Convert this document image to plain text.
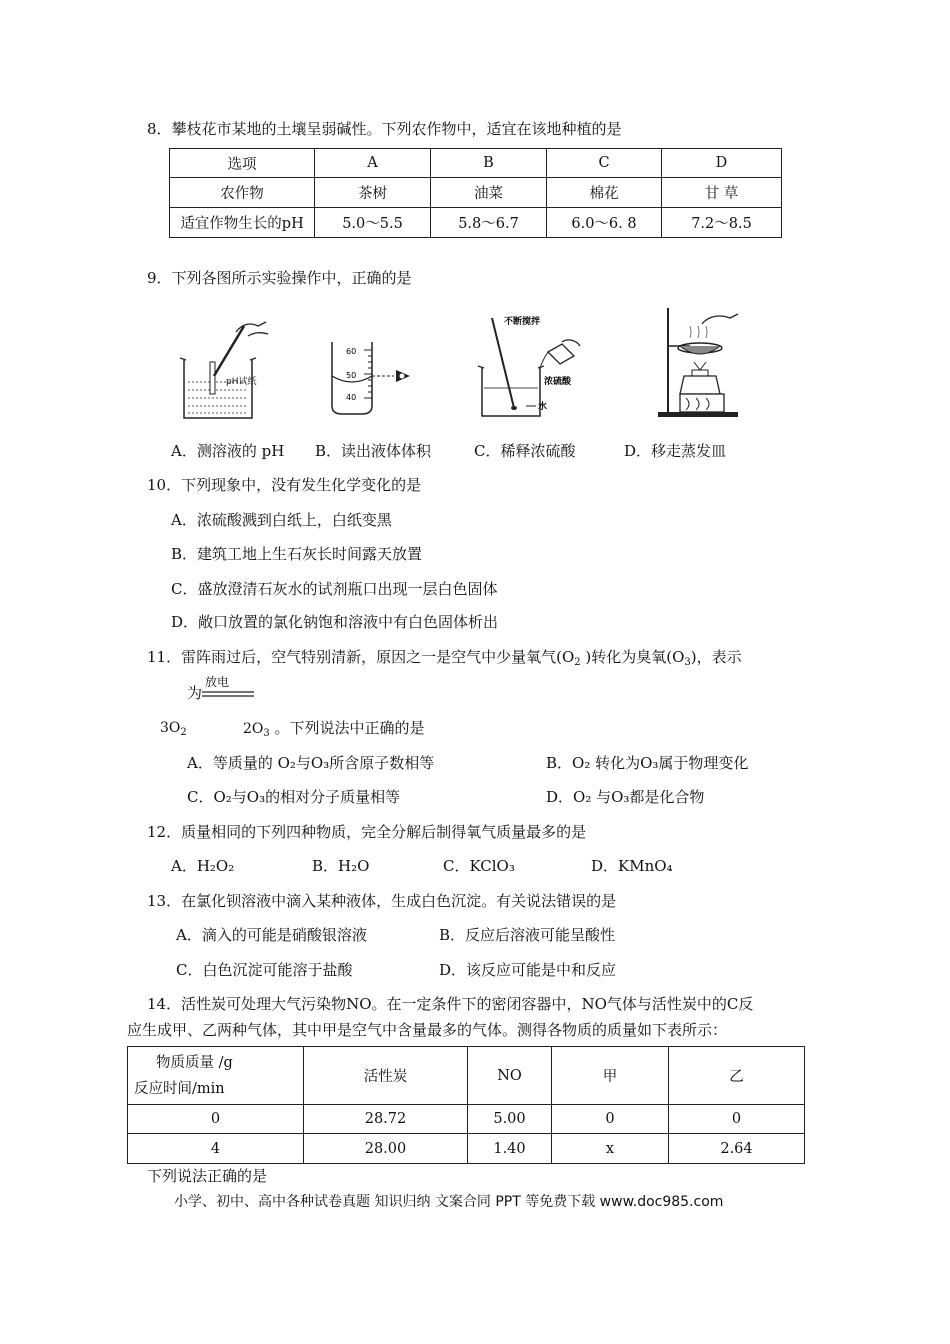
8．攀枝花市某地的土壤呈弱碱性。下列农作物中，适宜在该地种植的是
选项	A	B	C	D
农作物	茶树	油菜	棉花	甘 草
适宜作物生长的pH	5.0～5.5	5.8～6.7	6.0～6. 8	7.2～8.5
9．下列各图所示实验操作中，正确的是
pH试纸
60
50
40
不断搅拌
浓硫酸
水
A．测溶液的 pH B．读出液体体积	C．稀释浓硫酸	D．移走蒸发皿
10．下列现象中，没有发生化学变化的是
A．浓硫酸溅到白纸上，白纸变黑
B．建筑工地上生石灰长时间露天放置
C．盛放澄清石灰水的试剂瓶口出现一层白色固体
D．敞口放置的氯化钠饱和溶液中有白色固体析出
11．雷阵雨过后，空气特别清新，原因之一是空气中少量氧气($O_2$ )转化为臭氧$(O_3)$，表示
放电
为
$3O_2$	$2O_3$ 。下列说法中正确的是
A．等质量的 O₂与O₃所含原子数相等	B．O₂ 转化为O₃属于物理变化
C．O₂与O₃的相对分子质量相等	D．O₂ 与O₃都是化合物
12．质量相同的下列四种物质，完全分解后制得氧气质量最多的是
A．H₂O₂	B．H₂O	C．KClO₃	D．KMnO₄
13．在氯化钡溶液中滴入某种液体，生成白色沉淀。有关说法错误的是
A．滴入的可能是硝酸银溶液	B．反应后溶液可能呈酸性
C．白色沉淀可能溶于盐酸	D．该反应可能是中和反应
14．活性炭可处理大气污染物NO。在一定条件下的密闭容器中，NO气体与活性炭中的C反
应生成甲、乙两种气体，其中甲是空气中含量最多的气体。测得各物质的质量如下表所示：
物质质量 /g
反应时间/min	活性炭	NO	甲	乙
0	28.72	5.00	0	0
4	28.00	1.40	x	2.64
下列说法正确的是
小学、初中、高中各种试卷真题 知识归纳 文案合同 PPT 等免费下载 www.doc985.com
